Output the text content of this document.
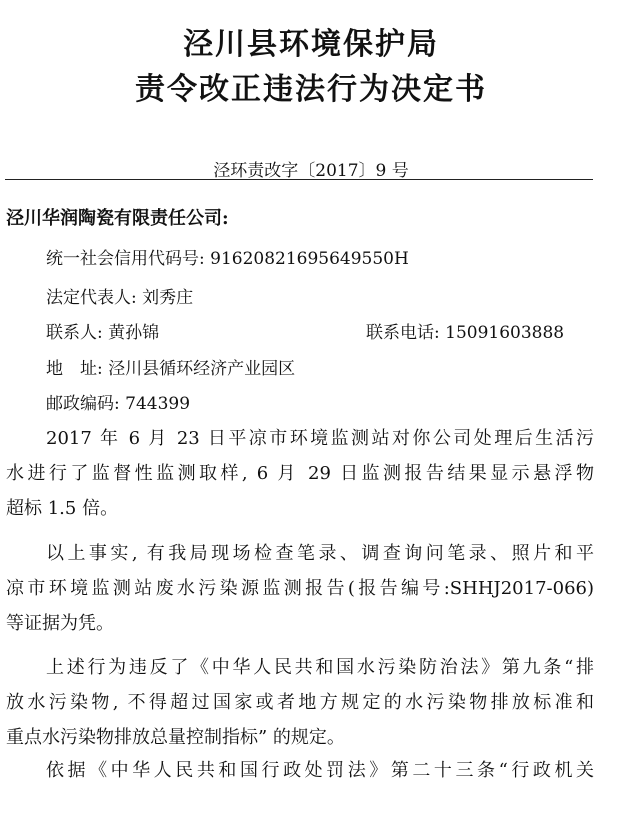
泾川县环境保护局
责令改正违法行为决定书
泾环责改字〔2017〕9 号
泾川华润陶瓷有限责任公司:
统一社会信用代码号: 91620821695649550H
法定代表人: 刘秀庄
联系人: 黄孙锦	联系电话: 15091603888
地　址: 泾川县循环经济产业园区
邮政编码: 744399
2017 年 6 月 23 日平凉市环境监测站对你公司处理后生活污
水进行了监督性监测取样, 6 月 29 日监测报告结果显示悬浮物
超标 1.5 倍。
以上事实, 有我局现场检查笔录、调查询问笔录、照片和平
凉市环境监测站废水污染源监测报告(报告编号:SHHJ2017-066)
等证据为凭。
上述行为违反了《中华人民共和国水污染防治法》第九条“排
放水污染物, 不得超过国家或者地方规定的水污染物排放标准和
重点水污染物排放总量控制指标” 的规定。
依据《中华人民共和国行政处罚法》第二十三条“行政机关
